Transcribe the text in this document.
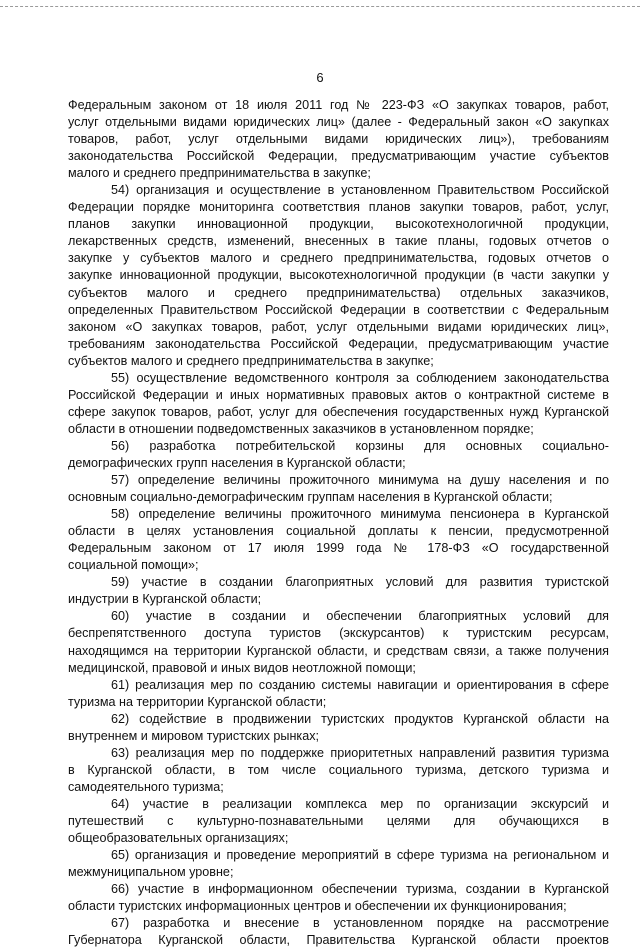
6
Федеральным законом от 18 июля 2011 год № 223-ФЗ «О закупках товаров, работ,
услуг отдельными видами юридических лиц» (далее - Федеральный закон «О закупках
товаров, работ, услуг отдельными видами юридических лиц»), требованиям
законодательства Российской Федерации, предусматривающим участие субъектов
малого и среднего предпринимательства в закупке;
54) организация и осуществление в установленном Правительством Российской
Федерации порядке мониторинга соответствия планов закупки товаров, работ, услуг,
планов закупки инновационной продукции, высокотехнологичной продукции,
лекарственных средств, изменений, внесенных в такие планы, годовых отчетов о
закупке у субъектов малого и среднего предпринимательства, годовых отчетов о
закупке инновационной продукции, высокотехнологичной продукции (в части закупки у
субъектов малого и среднего предпринимательства) отдельных заказчиков,
определенных Правительством Российской Федерации в соответствии с Федеральным
законом «О закупках товаров, работ, услуг отдельными видами юридических лиц»,
требованиям законодательства Российской Федерации, предусматривающим участие
субъектов малого и среднего предпринимательства в закупке;
55) осуществление ведомственного контроля за соблюдением законодательства
Российской Федерации и иных нормативных правовых актов о контрактной системе в
сфере закупок товаров, работ, услуг для обеспечения государственных нужд Курганской
области в отношении подведомственных заказчиков в установленном порядке;
56) разработка потребительской корзины для основных социально-
демографических групп населения в Курганской области;
57) определение величины прожиточного минимума на душу населения и по
основным социально-демографическим группам населения в Курганской области;
58) определение величины прожиточного минимума пенсионера в Курганской
области в целях установления социальной доплаты к пенсии, предусмотренной
Федеральным законом от 17 июля 1999 года № 178-ФЗ «О государственной
социальной помощи»;
59) участие в создании благоприятных условий для развития туристской
индустрии в Курганской области;
60) участие в создании и обеспечении благоприятных условий для
беспрепятственного доступа туристов (экскурсантов) к туристским ресурсам,
находящимся на территории Курганской области, и средствам связи, а также получения
медицинской, правовой и иных видов неотложной помощи;
61) реализация мер по созданию системы навигации и ориентирования в сфере
туризма на территории Курганской области;
62) содействие в продвижении туристских продуктов Курганской области на
внутреннем и мировом туристских рынках;
63) реализация мер по поддержке приоритетных направлений развития туризма
в Курганской области, в том числе социального туризма, детского туризма и
самодеятельного туризма;
64) участие в реализации комплекса мер по организации экскурсий и
путешествий с культурно-познавательными целями для обучающихся в
общеобразовательных организациях;
65) организация и проведение мероприятий в сфере туризма на региональном и
межмуниципальном уровне;
66) участие в информационном обеспечении туризма, создании в Курганской
области туристских информационных центров и обеспечении их функционирования;
67) разработка и внесение в установленном порядке на рассмотрение
Губернатора Курганской области, Правительства Курганской области проектов
